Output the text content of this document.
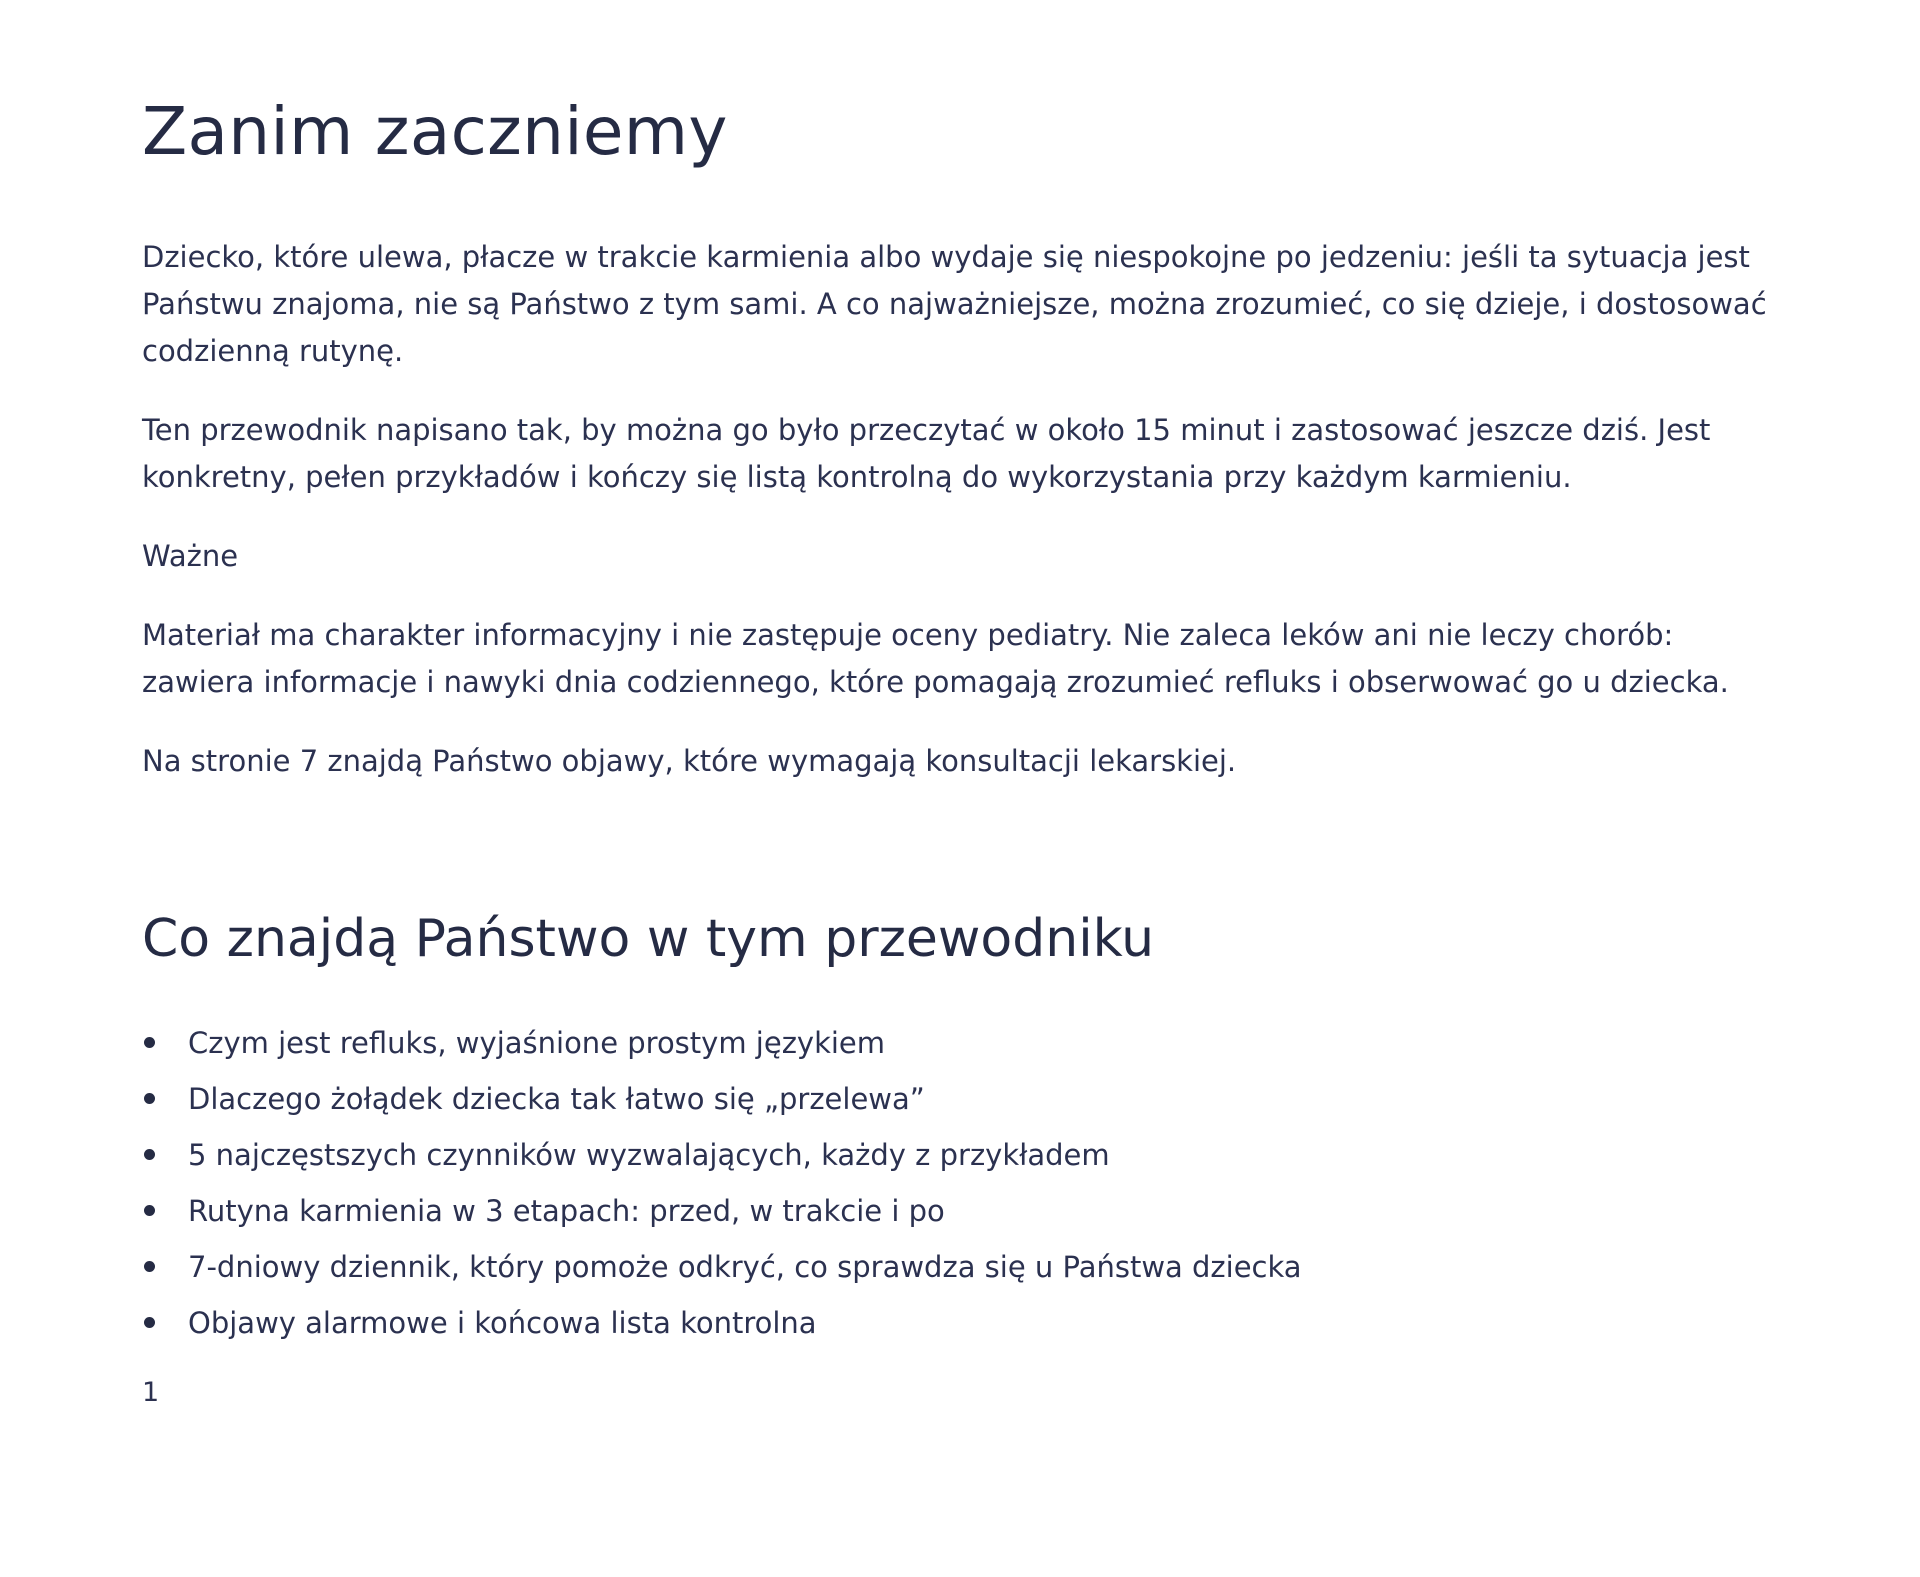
Zanim zaczniemy

Dziecko, które ulewa, płacze w trakcie karmienia albo wydaje się niespokojne po jedzeniu: jeśli ta sytuacja jest Państwu znajoma, nie są Państwo z tym sami. A co najważniejsze, można zrozumieć, co się dzieje, i dostosować codzienną rutynę.

Ten przewodnik napisano tak, by można go było przeczytać w około 15 minut i zastosować jeszcze dziś. Jest konkretny, pełen przykładów i kończy się listą kontrolną do wykorzystania przy każdym karmieniu.

Ważne

Materiał ma charakter informacyjny i nie zastępuje oceny pediatry. Nie zaleca leków ani nie leczy chorób: zawiera informacje i nawyki dnia codziennego, które pomagają zrozumieć refluks i obserwować go u dziecka.

Na stronie 7 znajdą Państwo objawy, które wymagają konsultacji lekarskiej.

Co znajdą Państwo w tym przewodniku
Czym jest refluks, wyjaśnione prostym językiem
Dlaczego żołądek dziecka tak łatwo się „przelewa”
5 najczęstszych czynników wyzwalających, każdy z przykładem
Rutyna karmienia w 3 etapach: przed, w trakcie i po
7-dniowy dziennik, który pomoże odkryć, co sprawdza się u Państwa dziecka
Objawy alarmowe i końcowa lista kontrolna
1
